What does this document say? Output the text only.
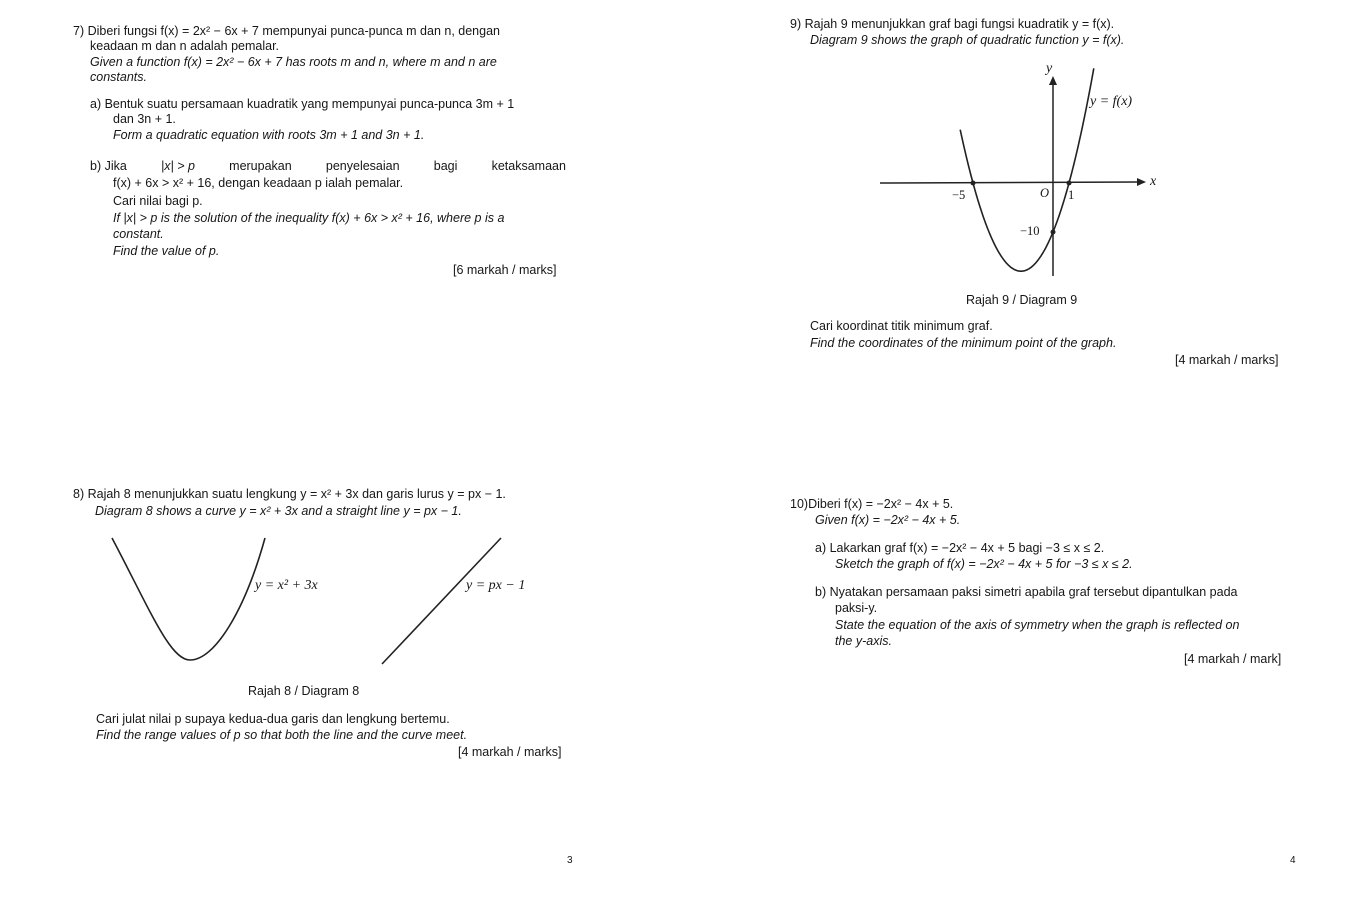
7) Diberi fungsi f(x) = 2x² − 6x + 7 mempunyai punca-punca m dan n, dengan
keadaan m dan n adalah pemalar.
Given a function f(x) = 2x² − 6x + 7 has roots m and n, where m and n are
constants.
a) Bentuk suatu persamaan kuadratik yang mempunyai punca-punca 3m + 1
dan 3n + 1.
Form a quadratic equation with roots 3m + 1 and 3n + 1.
b) Jika	|x| > p	merupakan	penyelesaian	bagi	ketaksamaan
f(x) + 6x > x² + 16, dengan keadaan p ialah pemalar.
Cari nilai bagi p.
If |x| > p is the solution of the inequality f(x) + 6x > x² + 16, where p is a
constant.
Find the value of p.
[6 markah / marks]
9) Rajah 9 menunjukkan graf bagi fungsi kuadratik y = f(x).
Diagram 9 shows the graph of quadratic function y = f(x).
y
x
y = f(x)
O
−5	1
−10
Rajah 9 / Diagram 9
Cari koordinat titik minimum graf.
Find the coordinates of the minimum point of the graph.
[4 markah / marks]
8) Rajah 8 menunjukkan suatu lengkung y = x² + 3x dan garis lurus y = px − 1.
Diagram 8 shows a curve y = x² + 3x and a straight line y = px − 1.
y = x² + 3x	y = px − 1
Rajah 8 / Diagram 8
Cari julat nilai p supaya kedua-dua garis dan lengkung bertemu.
Find the range values of p so that both the line and the curve meet.
[4 markah / marks]
10)Diberi f(x) = −2x² − 4x + 5.
Given f(x) = −2x² − 4x + 5.
a) Lakarkan graf f(x) = −2x² − 4x + 5 bagi −3 ≤ x ≤ 2.
Sketch the graph of f(x) = −2x² − 4x + 5 for −3 ≤ x ≤ 2.
b) Nyatakan persamaan paksi simetri apabila graf tersebut dipantulkan pada
paksi-y.
State the equation of the axis of symmetry when the graph is reflected on
the y-axis.
[4 markah / mark]
3	4
